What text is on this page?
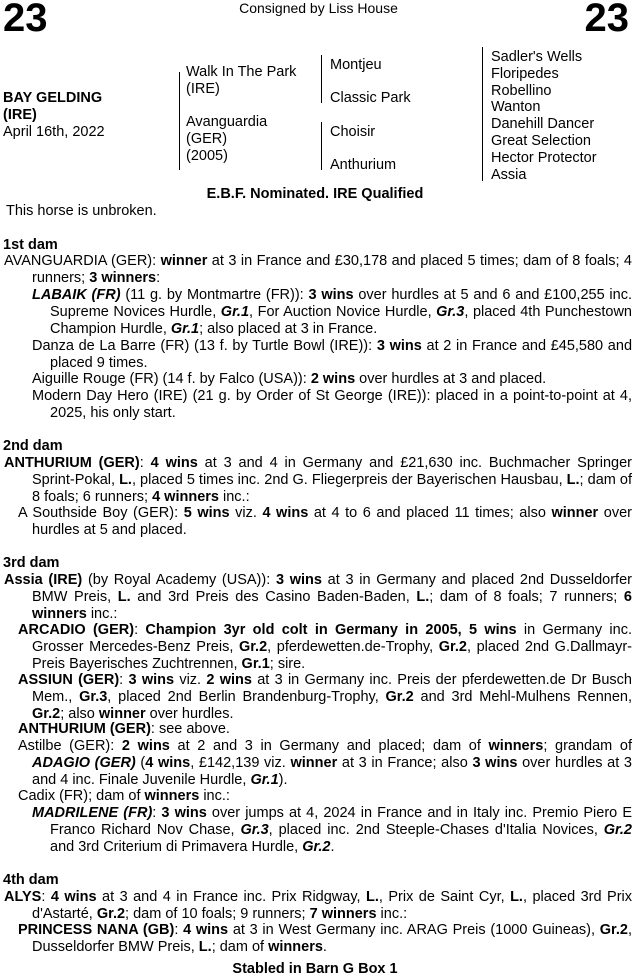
23	Consigned by Liss House	23
BAY GELDING
(IRE)
April 16th, 2022
Walk In The Park
(IRE)
Avanguardia
(GER)
(2005)
Montjeu
Classic Park
Choisir
Anthurium
Sadler's Wells
Floripedes
Robellino
Wanton
Danehill Dancer
Great Selection
Hector Protector
Assia
E.B.F. Nominated. IRE Qualified
This horse is unbroken.
1st dam
AVANGUARDIA (GER): winner at 3 in France and £30,178 and placed 5 times; dam of 8 foals; 4 runners; 3 winners:
LABAIK (FR) (11 g. by Montmartre (FR)): 3 wins over hurdles at 5 and 6 and £100,255 inc. Supreme Novices Hurdle, Gr.1, For Auction Novice Hurdle, Gr.3, placed 4th Punchestown Champion Hurdle, Gr.1; also placed at 3 in France.
Danza de La Barre (FR) (13 f. by Turtle Bowl (IRE)): 3 wins at 2 in France and £45,580 and placed 9 times.
Aiguille Rouge (FR) (14 f. by Falco (USA)): 2 wins over hurdles at 3 and placed.
Modern Day Hero (IRE) (21 g. by Order of St George (IRE)): placed in a point-to-point at 4, 2025, his only start.
2nd dam
ANTHURIUM (GER): 4 wins at 3 and 4 in Germany and £21,630 inc. Buchmacher Springer Sprint-Pokal, L., placed 5 times inc. 2nd G. Fliegerpreis der Bayerischen Hausbau, L.; dam of 8 foals; 6 runners; 4 winners inc.:
A Southside Boy (GER): 5 wins viz. 4 wins at 4 to 6 and placed 11 times; also winner over hurdles at 5 and placed.
3rd dam
Assia (IRE) (by Royal Academy (USA)): 3 wins at 3 in Germany and placed 2nd Dusseldorfer BMW Preis, L. and 3rd Preis des Casino Baden-Baden, L.; dam of 8 foals; 7 runners; 6 winners inc.:
ARCADIO (GER): Champion 3yr old colt in Germany in 2005, 5 wins in Germany inc. Grosser Mercedes-Benz Preis, Gr.2, pferdewetten.de-Trophy, Gr.2, placed 2nd G.Dallmayr-Preis Bayerisches Zuchtrennen, Gr.1; sire.
ASSIUN (GER): 3 wins viz. 2 wins at 3 in Germany inc. Preis der pferdewetten.de Dr Busch Mem., Gr.3, placed 2nd Berlin Brandenburg-Trophy, Gr.2 and 3rd Mehl-Mulhens Rennen, Gr.2; also winner over hurdles.
ANTHURIUM (GER): see above.
Astilbe (GER): 2 wins at 2 and 3 in Germany and placed; dam of winners; grandam of ADAGIO (GER) (4 wins, £142,139 viz. winner at 3 in France; also 3 wins over hurdles at 3 and 4 inc. Finale Juvenile Hurdle, Gr.1).
Cadix (FR); dam of winners inc.:
MADRILENE (FR): 3 wins over jumps at 4, 2024 in France and in Italy inc. Premio Piero E Franco Richard Nov Chase, Gr.3, placed inc. 2nd Steeple-Chases d'Italia Novices, Gr.2 and 3rd Criterium di Primavera Hurdle, Gr.2.
4th dam
ALYS: 4 wins at 3 and 4 in France inc. Prix Ridgway, L., Prix de Saint Cyr, L., placed 3rd Prix d'Astarté, Gr.2; dam of 10 foals; 9 runners; 7 winners inc.:
PRINCESS NANA (GB): 4 wins at 3 in West Germany inc. ARAG Preis (1000 Guineas), Gr.2, Dusseldorfer BMW Preis, L.; dam of winners.
Stabled in Barn G Box 1
